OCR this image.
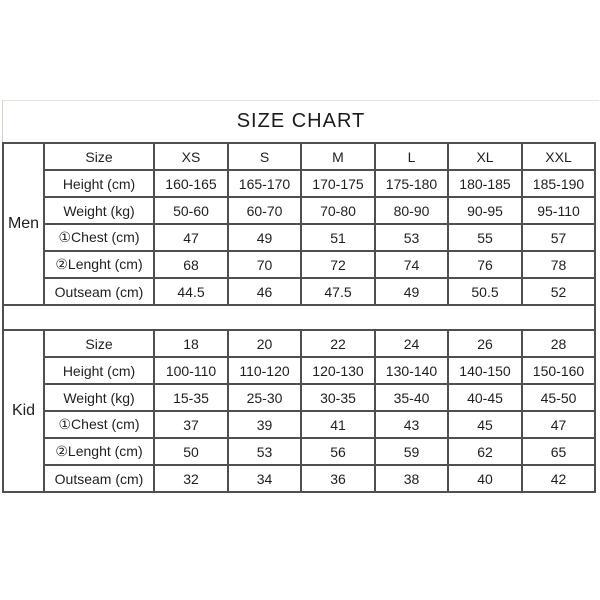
SIZE CHART
Men	Size	XS	S	M	L	XL	XXL
	Height (cm)	160-165	165-170	170-175	175-180	180-185	185-190
	Weight (kg)	50-60	60-70	70-80	80-90	90-95	95-110
	①Chest (cm)	47	49	51	53	55	57
	②Lenght (cm)	68	70	72	74	76	78
	Outseam (cm)	44.5	46	47.5	49	50.5	52

Kid	Size	18	20	22	24	26	28
	Height (cm)	100-110	110-120	120-130	130-140	140-150	150-160
	Weight (kg)	15-35	25-30	30-35	35-40	40-45	45-50
	①Chest (cm)	37	39	41	43	45	47
	②Lenght (cm)	50	53	56	59	62	65
	Outseam (cm)	32	34	36	38	40	42
